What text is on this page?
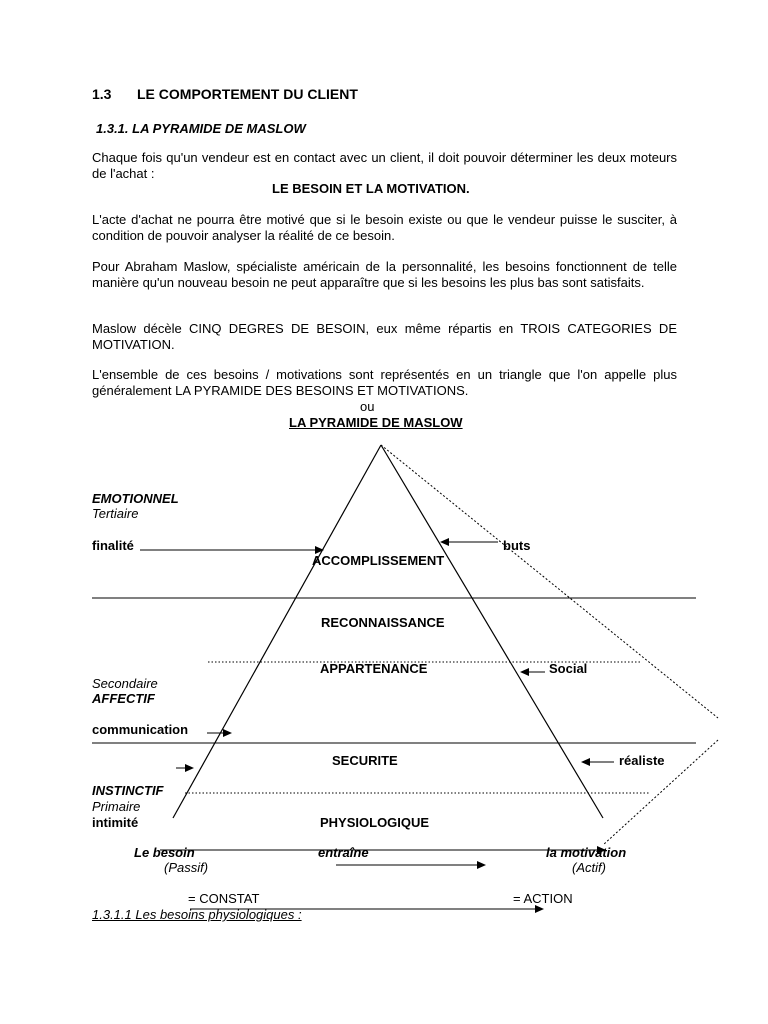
1.3 LE COMPORTEMENT DU CLIENT
1.3.1. LA PYRAMIDE DE MASLOW
Chaque fois qu'un vendeur est en contact avec un client, il doit pouvoir déterminer les deux moteurs de l'achat :
LE BESOIN ET LA MOTIVATION.
L'acte d'achat ne pourra être motivé que si le besoin existe ou que le vendeur puisse le susciter, à condition de pouvoir analyser la réalité de ce besoin.
Pour Abraham Maslow, spécialiste américain de la personnalité, les besoins fonctionnent de telle manière qu'un nouveau besoin ne peut apparaître que si les besoins les plus bas sont satisfaits.
Maslow décèle CINQ DEGRES DE BESOIN, eux même répartis en TROIS CATEGORIES DE MOTIVATION.
L'ensemble de ces besoins / motivations sont représentés en un triangle que l'on appelle plus généralement LA PYRAMIDE DES BESOINS ET MOTIVATIONS.
ou
LA PYRAMIDE DE MASLOW
ACCOMPLISSEMENT
RECONNAISSANCE
APPARTENANCE
SECURITE
PHYSIOLOGIQUE
EMOTIONNEL
Tertiaire
finalité
Secondaire
AFFECTIF
communication
INSTINCTIF
Primaire
intimité
buts
Social
réaliste
Le besoin	entraîne	la motivation
(Passif)	(Actif)
= CONSTAT	= ACTION
1.3.1.1 Les besoins physiologiques :
